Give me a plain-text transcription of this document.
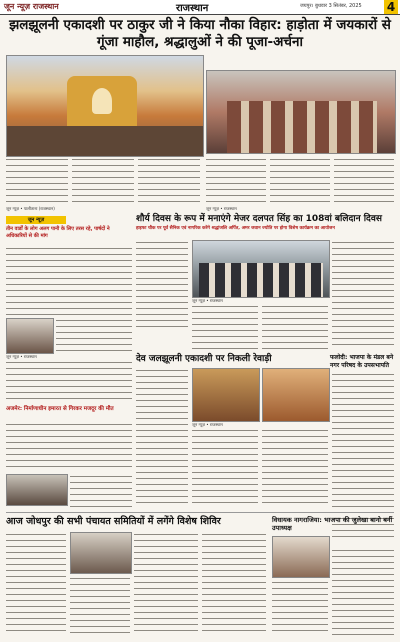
जून न्यूज़ राजस्थान	राजस्थान	जयपुर। बुधवार 3 सितंबर, 2025 4
झलझूलनी एकादशी पर ठाकुर जी ने किया नौका विहार: हाड़ोता में जयकारों से गूंजा माहौल, श्रद्धालुओं ने की पूजा-अर्चना
जून न्यूज़ • पालीताना (राजस्थान)	जून न्यूज़ • राजस्थान
जून न्यूज़
तीन वार्डों के लोग अलग पानी के लिए तरस रहे, पार्षदों ने अधिकारियों से की मांग
जून न्यूज़ • राजस्थान
शौर्य दिवस के रूप में मनाएंगे मेजर दलपत सिंह का 108वां बलिदान दिवस
हाइफा चौक पर पूर्व सैनिक एवं नागरिक करेंगे श्रद्धांजलि अर्पित, अमर जवान ज्योति पर होगा विशेष कार्यक्रम का आयोजन
जून न्यूज़ • राजस्थान
देव जलझूलनी एकादशी पर निकली रेवाड़ी
जून न्यूज़ • राजस्थान
फलोदी: भाजपा के मंडल बने नगर परिषद के उपसभापति
अजमेर: निर्माणाधीन इमारत से गिरकर मजदूर की मौत
आज जोधपुर की सभी पंचायत समितियों में लगेंगे विशेष शिविर	विधायक नागराजिया: भाजपा की जुलेखा बानो बनीं उपाध्यक्ष
